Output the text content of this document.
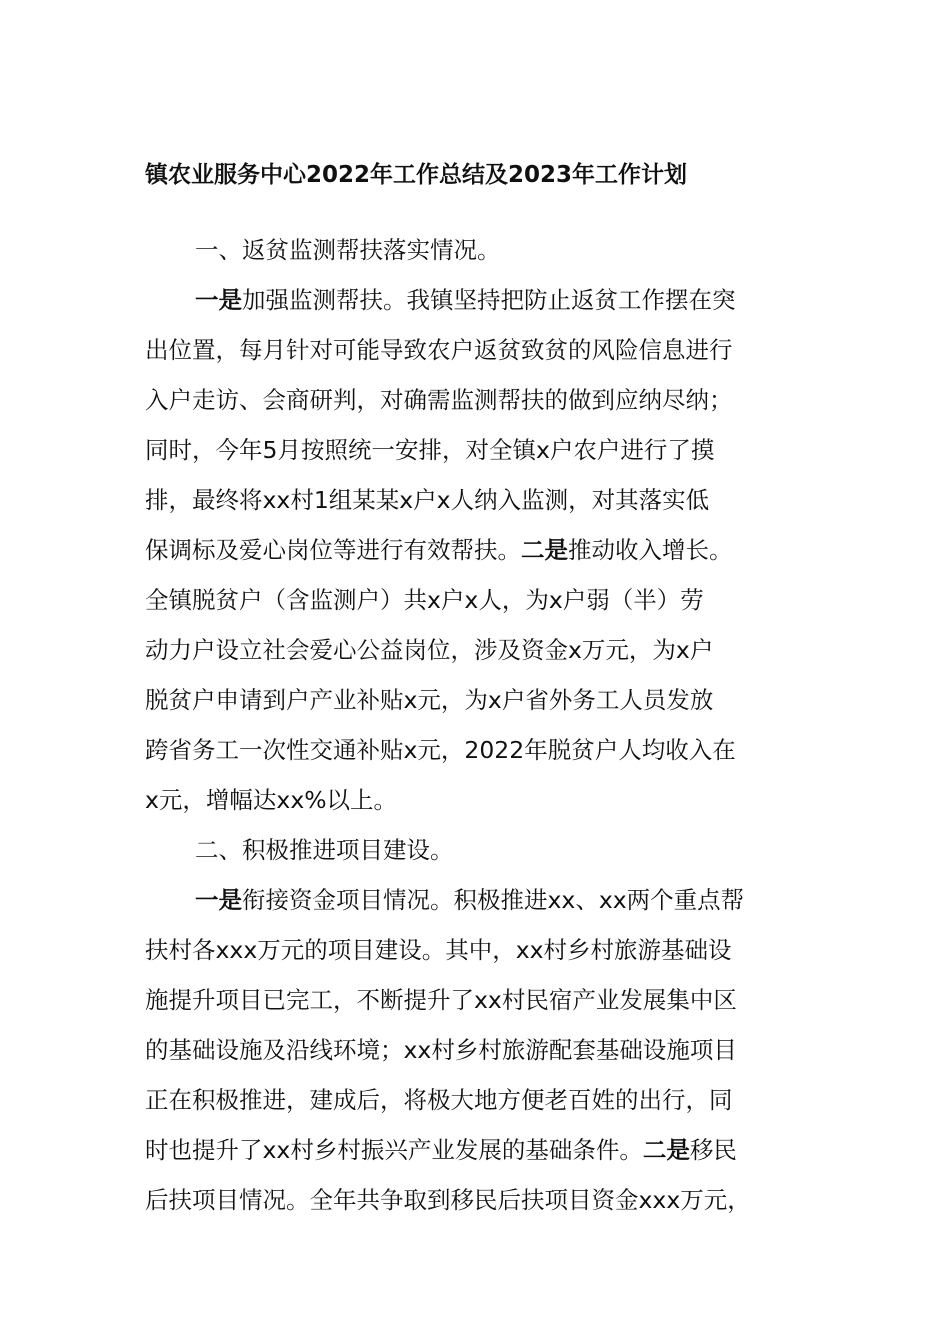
镇农业服务中心2022年工作总结及2023年工作计划

一、返贫监测帮扶落实情况。

一是加强监测帮扶。我镇坚持把防止返贫工作摆在突

出位置，每月针对可能导致农户返贫致贫的风险信息进行

入户走访、会商研判，对确需监测帮扶的做到应纳尽纳；

同时，今年5月按照统一安排，对全镇x户农户进行了摸

排，最终将xx村1组某某x户x人纳入监测，对其落实低

保调标及爱心岗位等进行有效帮扶。二是推动收入增长。

全镇脱贫户（含监测户）共x户x人，为x户弱（半）劳

动力户设立社会爱心公益岗位，涉及资金x万元，为x户

脱贫户申请到户产业补贴x元，为x户省外务工人员发放

跨省务工一次性交通补贴x元，2022年脱贫户人均收入在

x元，增幅达xx%以上。

二、积极推进项目建设。

一是衔接资金项目情况。积极推进xx、xx两个重点帮

扶村各xxx万元的项目建设。其中，xx村乡村旅游基础设

施提升项目已完工，不断提升了xx村民宿产业发展集中区

的基础设施及沿线环境；xx村乡村旅游配套基础设施项目

正在积极推进，建成后，将极大地方便老百姓的出行，同

时也提升了xx村乡村振兴产业发展的基础条件。二是移民

后扶项目情况。全年共争取到移民后扶项目资金xxx万元，
